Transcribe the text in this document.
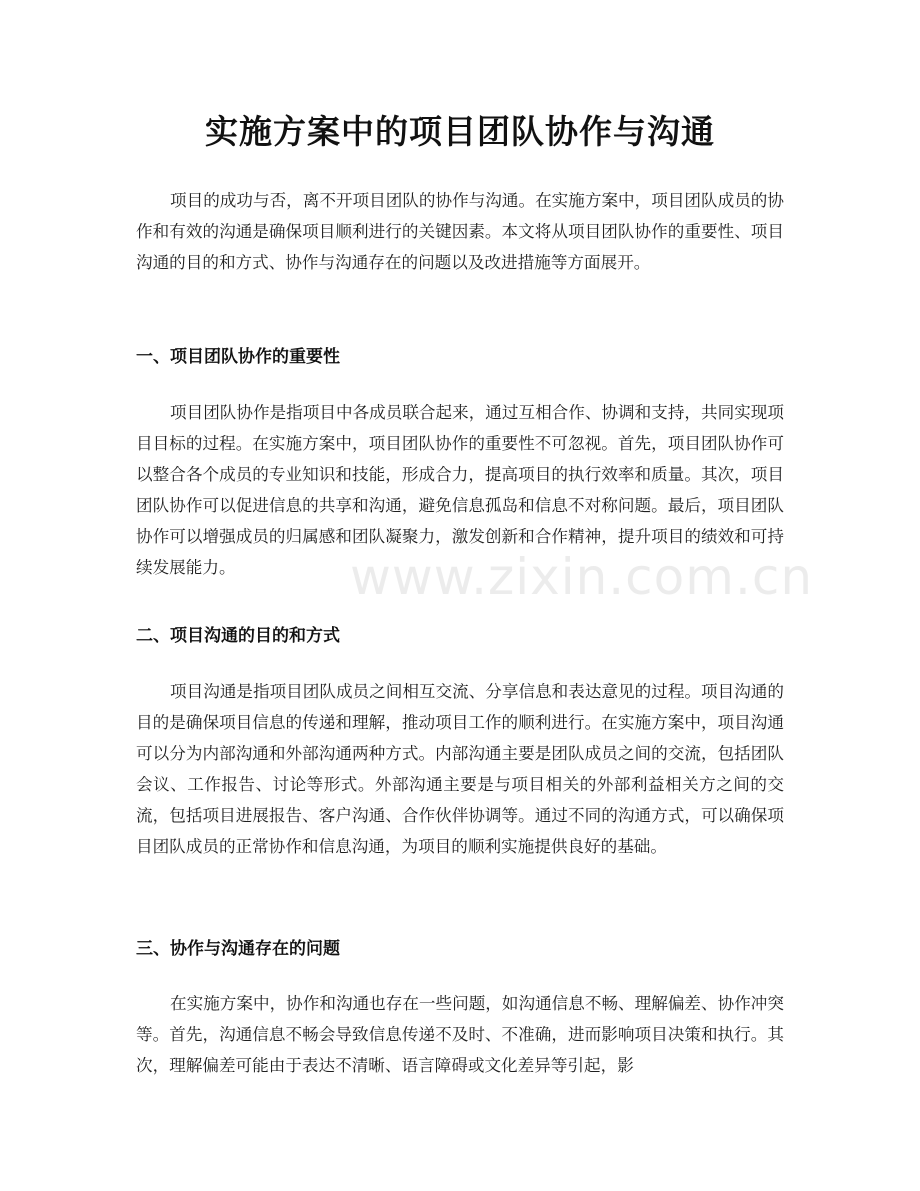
实施方案中的项目团队协作与沟通

项目的成功与否，离不开项目团队的协作与沟通。在实施方案中，项目团队成员的协作和有效的沟通是确保项目顺利进行的关键因素。本文将从项目团队协作的重要性、项目沟通的目的和方式、协作与沟通存在的问题以及改进措施等方面展开。

一、项目团队协作的重要性

项目团队协作是指项目中各成员联合起来，通过互相合作、协调和支持，共同实现项目目标的过程。在实施方案中，项目团队协作的重要性不可忽视。首先，项目团队协作可以整合各个成员的专业知识和技能，形成合力，提高项目的执行效率和质量。其次，项目团队协作可以促进信息的共享和沟通，避免信息孤岛和信息不对称问题。最后，项目团队协作可以增强成员的归属感和团队凝聚力，激发创新和合作精神，提升项目的绩效和可持续发展能力。

二、项目沟通的目的和方式

项目沟通是指项目团队成员之间相互交流、分享信息和表达意见的过程。项目沟通的目的是确保项目信息的传递和理解，推动项目工作的顺利进行。在实施方案中，项目沟通可以分为内部沟通和外部沟通两种方式。内部沟通主要是团队成员之间的交流，包括团队会议、工作报告、讨论等形式。外部沟通主要是与项目相关的外部利益相关方之间的交流，包括项目进展报告、客户沟通、合作伙伴协调等。通过不同的沟通方式，可以确保项目团队成员的正常协作和信息沟通，为项目的顺利实施提供良好的基础。

三、协作与沟通存在的问题

在实施方案中，协作和沟通也存在一些问题，如沟通信息不畅、理解偏差、协作冲突等。首先，沟通信息不畅会导致信息传递不及时、不准确，进而影响项目决策和执行。其次，理解偏差可能由于表达不清晰、语言障碍或文化差异等引起，影

www.zixin.com.cn
